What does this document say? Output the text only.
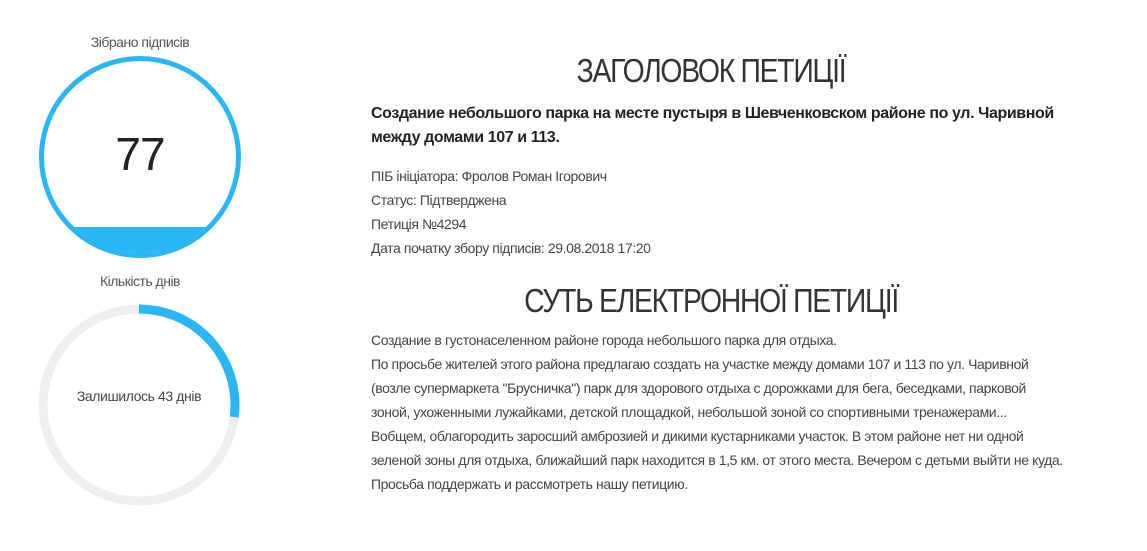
Зібрано підписів
77
Кількість днів
Залишилось 43 днів
ЗАГОЛОВОК ПЕТИЦІЇ
Создание небольшого парка на месте пустыря в Шевченковском районе по ул. Чаривной между домами 107 и 113.
ПІБ ініціатора: Фролов Роман Ігорович
Статус: Підтверджена
Петиція №4294
Дата початку збору підписів: 29.08.2018 17:20
СУТЬ ЕЛЕКТРОННОЇ ПЕТИЦІЇ
Создание в густонаселенном районе города небольшого парка для отдыха.
По просьбе жителей этого района предлагаю создать на участке между домами 107 и 113 по ул. Чаривной
(возле супермаркета "Брусничка") парк для здорового отдыха с дорожками для бега, беседками, парковой
зоной, ухоженными лужайками, детской площадкой, небольшой зоной со спортивными тренажерами...
Вобщем, облагородить заросший амброзией и дикими кустарниками участок. В этом районе нет ни одной
зеленой зоны для отдыха, ближайший парк находится в 1,5 км. от этого места. Вечером с детьми выйти не куда.
Просьба поддержать и рассмотреть нашу петицию.
